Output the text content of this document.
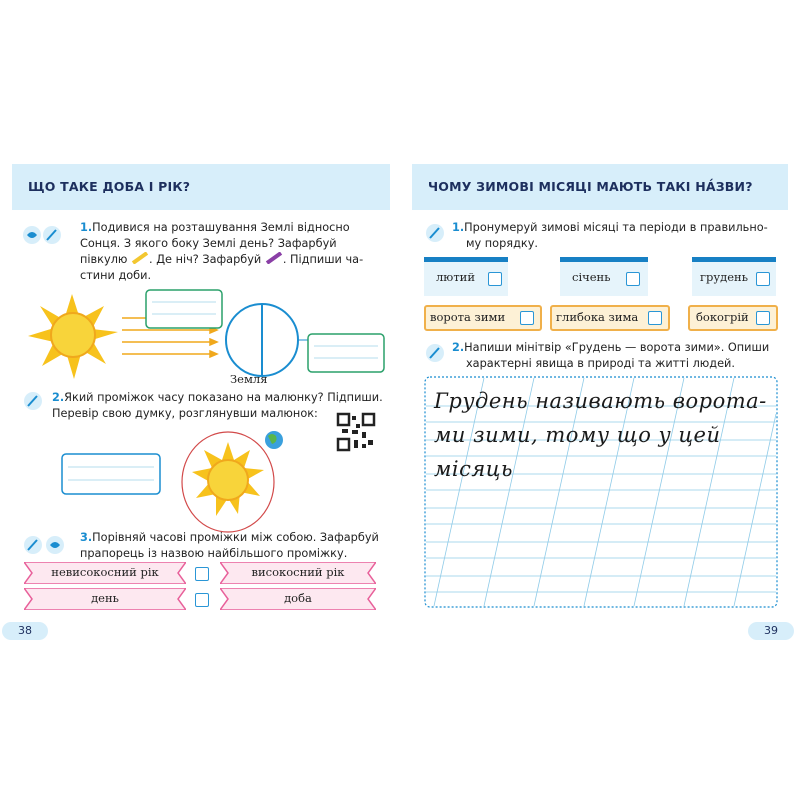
ЩО ТАКЕ ДОБА І РІК?
1.Подивися на розташування Землі відносно
Сонця. З якого боку Землі день? Зафарбуй
півкулю . Де ніч? Зафарбуй . Підпиши ча-
стини доби.
Земля
2.Який проміжок часу показано на малюнку? Підпиши.
Перевір свою думку, розглянувши малюнок:
3.Порівняй часові проміжки між собою. Зафарбуй
прапорець із назвою найбільшого проміжку.
невисокосний рік	високосний рік
день	доба
38
ЧОМУ ЗИМОВІ МІСЯЦІ МАЮТЬ ТАКІ НА́ЗВИ?
1.Пронумеруй зимові місяці та періоди в правильно-
му порядку.
лютий	січень	грудень
ворота зими	глибока зима	бокогрій
2.Напиши мінітвір «Грудень — ворота зими». Опиши
характерні явища в природі та житті людей.
Грудень називають ворота-
ми зими, тому що у цей
місяць
39
